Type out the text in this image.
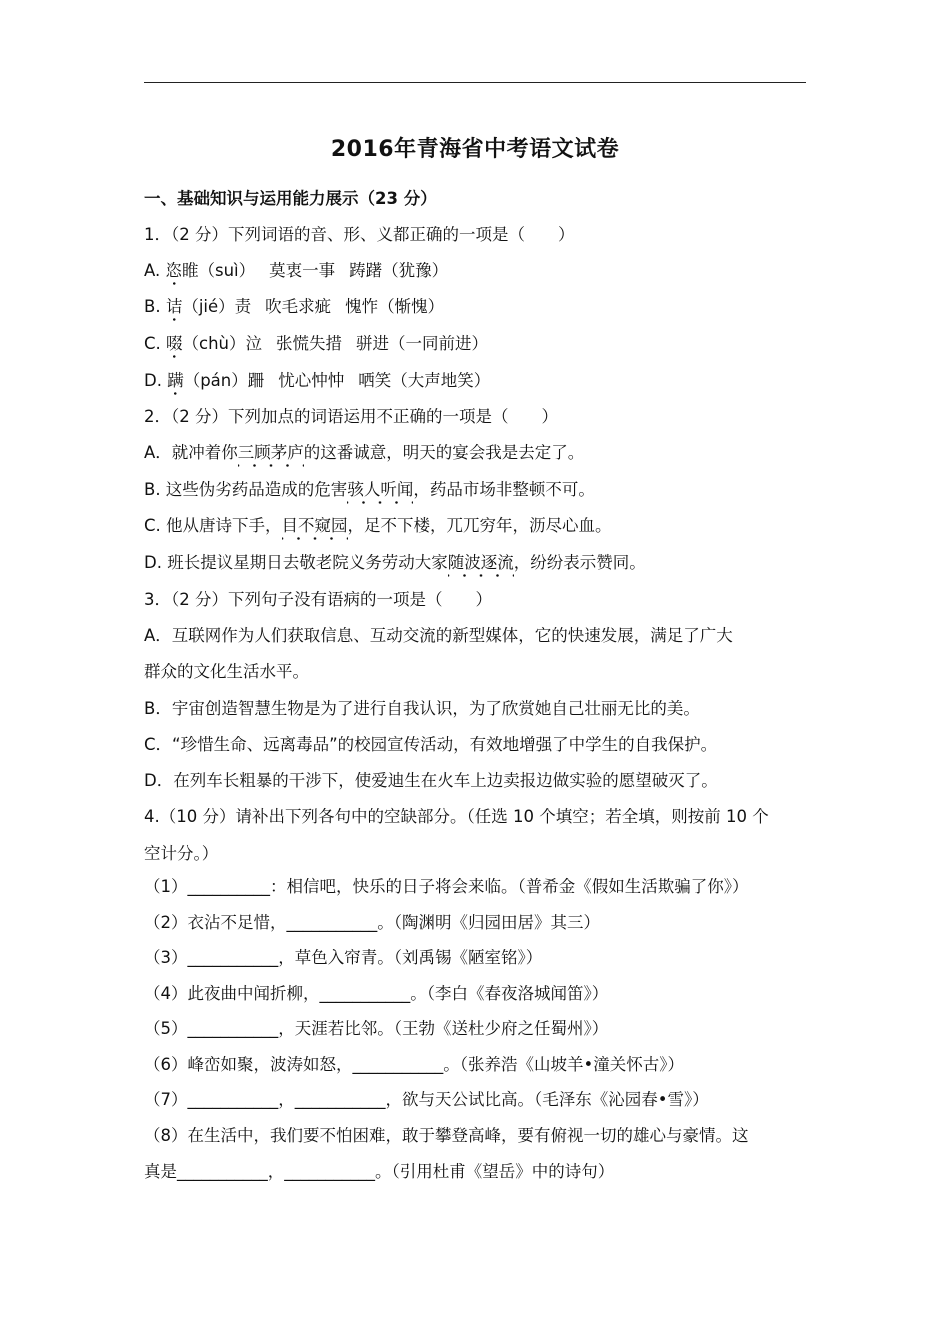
2016年青海省中考语文试卷
一、基础知识与运用能力展示（23 分）
1．（2 分）下列词语的音、形、义都正确的一项是（　　）
A. 恣睢（suì） 莫衷一事 踌躇（犹豫）
B. 诘（jié）责 吹毛求疵 愧怍（惭愧）
C. 啜（chù）泣 张慌失措 骈进（一同前进）
D. 蹒（pán）跚 忧心忡忡 哂笑（大声地笑）
2．（2 分）下列加点的词语运用不正确的一项是（　　）
A．就冲着你三顾茅庐的这番诚意，明天的宴会我是去定了。
B. 这些伪劣药品造成的危害骇人听闻，药品市场非整顿不可。
C. 他从唐诗下手，目不窥园，足不下楼，兀兀穷年，沥尽心血。
D. 班长提议星期日去敬老院义务劳动大家随波逐流，纷纷表示赞同。
3．（2 分）下列句子没有语病的一项是（　　）
A．互联网作为人们获取信息、互动交流的新型媒体，它的快速发展，满足了广大
群众的文化生活水平。
B．宇宙创造智慧生物是为了进行自我认识，为了欣赏她自己壮丽无比的美。
C．“珍惜生命、远离毒品”的校园宣传活动，有效地增强了中学生的自我保护。
D．在列车长粗暴的干涉下，使爱迪生在火车上边卖报边做实验的愿望破灭了。
4.（10 分）请补出下列各句中的空缺部分。（任选 10 个填空；若全填，则按前 10 个
空计分。）
（1）__________：相信吧，快乐的日子将会来临。（普希金《假如生活欺骗了你》）
（2）衣沾不足惜，___________。（陶渊明《归园田居》其三）
（3）___________，草色入帘青。（刘禹锡《陋室铭》）
（4）此夜曲中闻折柳，___________。（李白《春夜洛城闻笛》）
（5）___________，天涯若比邻。（王勃《送杜少府之任蜀州》）
（6）峰峦如聚，波涛如怒，___________。（张养浩《山坡羊•潼关怀古》）
（7）___________，___________，欲与天公试比高。（毛泽东《沁园春•雪》）
（8）在生活中，我们要不怕困难，敢于攀登高峰，要有俯视一切的雄心与豪情。这
真是___________，___________。（引用杜甫《望岳》中的诗句）
